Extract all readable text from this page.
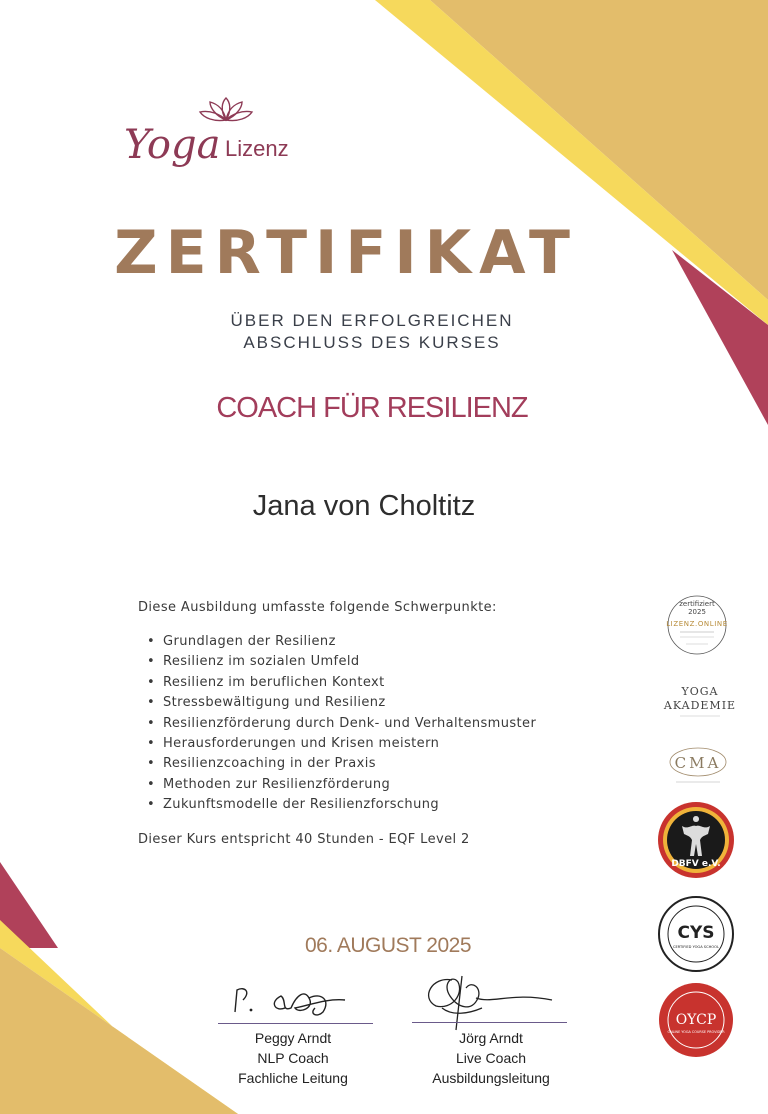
Yoga Lizenz
ZERTIFIKAT
ÜBER DEN ERFOLGREICHEN
ABSCHLUSS DES KURSES
COACH FÜR RESILIENZ
Jana von Choltitz
Diese Ausbildung umfasste folgende Schwerpunkte:
• Grundlagen der Resilienz
• Resilienz im sozialen Umfeld
• Resilienz im beruflichen Kontext
• Stressbewältigung und Resilienz
• Resilienzförderung durch Denk- und Verhaltensmuster
• Herausforderungen und Krisen meistern
• Resilienzcoaching in der Praxis
• Methoden zur Resilienzförderung
• Zukunftsmodelle der Resilienzforschung
Dieser Kurs entspricht 40 Stunden - EQF Level 2
06. AUGUST 2025
Peggy Arndt
NLP Coach
Fachliche Leitung
Jörg Arndt
Live Coach
Ausbildungsleitung
zertifiziert
2025
LIZENZ.ONLINE
YOGA
AKADEMIE
CMA
DBFV e.V.
CYS
CERTIFIED YOGA SCHOOL
OYCP
ONLINE YOGA COURSE PROVIDER
